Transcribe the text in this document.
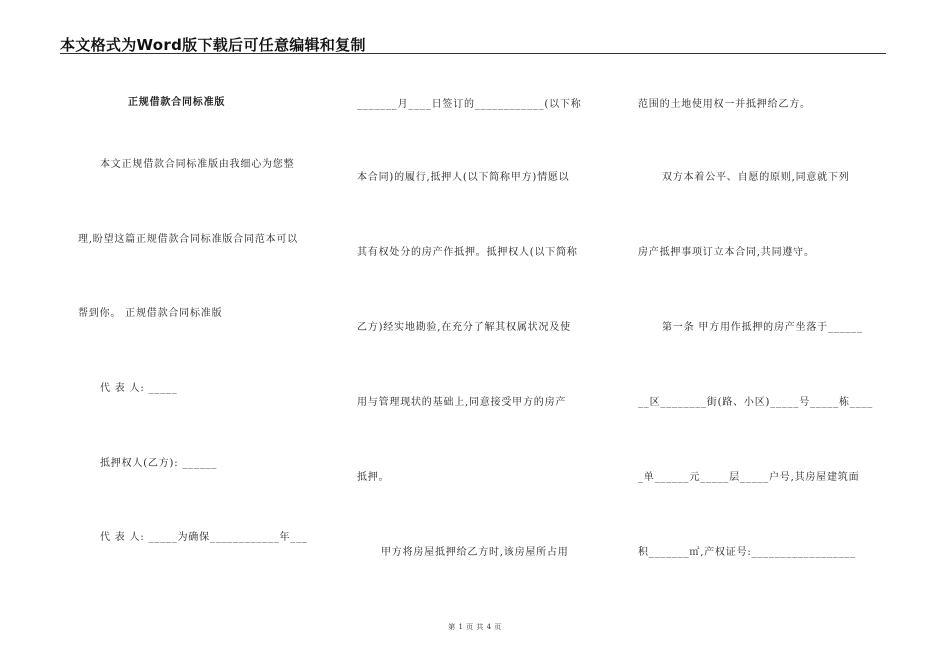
本文格式为Word版下载后可任意编辑和复制
正规借款合同标准版
本文正规借款合同标准版由我细心为您整
理,盼望这篇正规借款合同标准版合同范本可以
帮到你。 正规借款合同标准版
代 表 人: _____
抵押权人(乙方): ______
代 表 人: _____为确保____________年___
_______月____日签订的____________(以下称
本合同)的履行,抵押人(以下简称甲方)情愿以
其有权处分的房产作抵押。抵押权人(以下简称
乙方)经实地勘验,在充分了解其权属状况及使
用与管理现状的基础上,同意接受甲方的房产
抵押。
甲方将房屋抵押给乙方时,该房屋所占用
范围的土地使用权一并抵押给乙方。
双方本着公平、自愿的原则,同意就下列
房产抵押事项订立本合同,共同遵守。
第一条 甲方用作抵押的房产坐落于______
__区________街(路、小区)_____号_____栋____
_单______元_____层_____户号,其房屋建筑面
积_______㎡,产权证号:__________________
第 1 页 共 4 页
